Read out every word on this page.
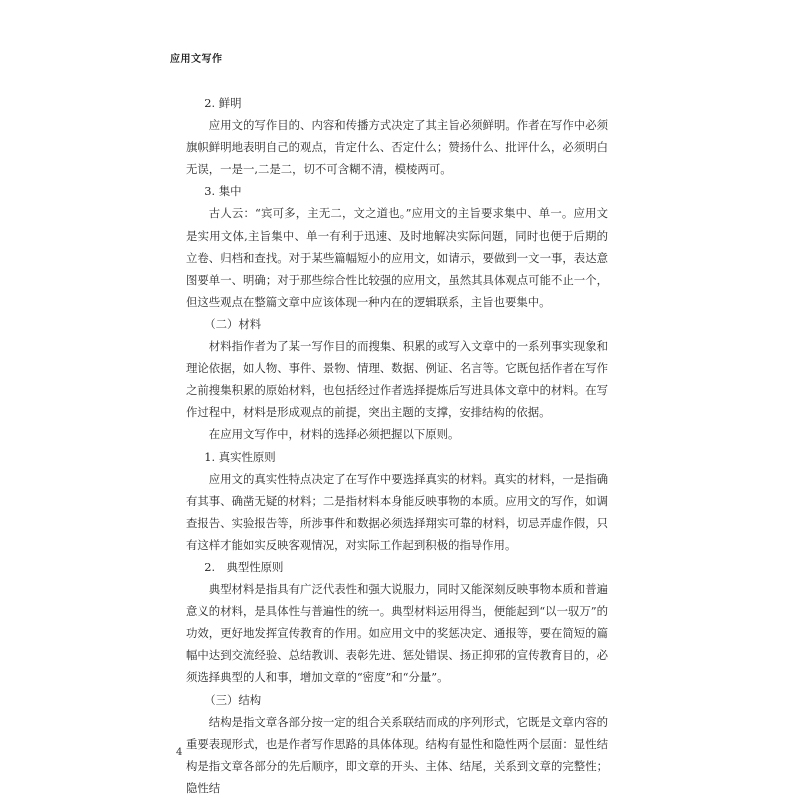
应用文写作

2. 鲜明

应用文的写作目的、内容和传播方式决定了其主旨必须鲜明。作者在写作中必须旗帜鲜明地表明自己的观点，肯定什么、否定什么；赞扬什么、批评什么，必须明白无误，一是一,二是二，切不可含糊不清，模棱两可。

3. 集中

古人云：“宾可多，主无二，文之道也。”应用文的主旨要求集中、单一。应用文是实用文体,主旨集中、单一有利于迅速、及时地解决实际问题，同时也便于后期的立卷、归档和查找。对于某些篇幅短小的应用文，如请示，要做到一文一事，表达意图要单一、明确；对于那些综合性比较强的应用文，虽然其具体观点可能不止一个，但这些观点在整篇文章中应该体现一种内在的逻辑联系，主旨也要集中。

（二）材料

材料指作者为了某一写作目的而搜集、积累的或写入文章中的一系列事实现象和理论依据，如人物、事件、景物、情理、数据、例证、名言等。它既包括作者在写作之前搜集积累的原始材料，也包括经过作者选择提炼后写进具体文章中的材料。在写作过程中，材料是形成观点的前提，突出主题的支撑，安排结构的依据。

在应用文写作中，材料的选择必须把握以下原则。

1. 真实性原则

应用文的真实性特点决定了在写作中要选择真实的材料。真实的材料，一是指确有其事、确凿无疑的材料；二是指材料本身能反映事物的本质。应用文的写作，如调查报告、实验报告等，所涉事件和数据必须选择翔实可靠的材料，切忌弄虚作假，只有这样才能如实反映客观情况，对实际工作起到积极的指导作用。

2.　典型性原则

典型材料是指具有广泛代表性和强大说服力，同时又能深刻反映事物本质和普遍意义的材料，是具体性与普遍性的统一。典型材料运用得当，便能起到“以一驭万”的功效，更好地发挥宣传教育的作用。如应用文中的奖惩决定、通报等，要在简短的篇幅中达到交流经验、总结教训、表彰先进、惩处错误、扬正抑邪的宣传教育目的，必须选择典型的人和事，增加文章的“密度”和“分量”。

（三）结构

结构是指文章各部分按一定的组合关系联结而成的序列形式，它既是文章内容的重要表现形式，也是作者写作思路的具体体现。结构有显性和隐性两个层面：显性结构是指文章各部分的先后顺序，即文章的开头、主体、结尾，关系到文章的完整性；隐性结

4
